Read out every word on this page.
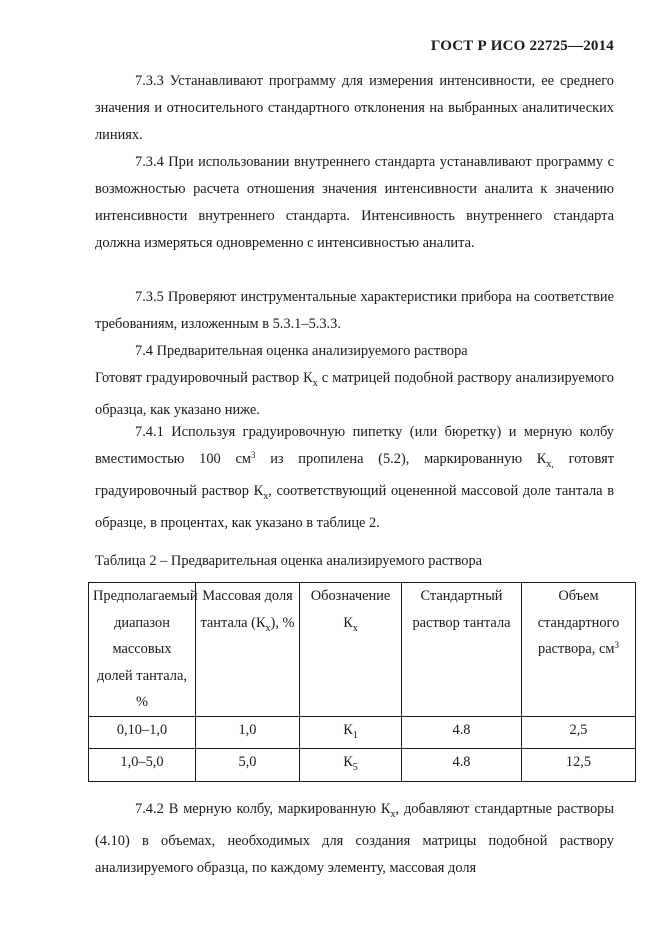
ГОСТ Р ИСО 22725—2014
7.3.3 Устанавливают программу для измерения интенсивности, ее среднего значения и относительного стандартного отклонения на выбранных аналитических линиях.
7.3.4 При использовании внутреннего стандарта устанавливают программу с возможностью расчета отношения значения интенсивности аналита к значению интенсивности внутреннего стандарта. Интенсивность внутреннего стандарта должна измеряться одновременно с интенсивностью аналита.
7.3.5 Проверяют инструментальные характеристики прибора на соответствие требованиям, изложенным в 5.3.1–5.3.3.
7.4 Предварительная оценка анализируемого раствора
Готовят градуировочный раствор $К_x$ с матрицей подобной раствору анализируемого образца, как указано ниже.
7.4.1 Используя градуировочную пипетку (или бюретку) и мерную колбу вместимостью 100 $см^3$ из пропилена (5.2), маркированную $К_{x,}$ готовят градуировочный раствор $К_x$, соответствующий оцененной массовой доле тантала в образце, в процентах, как указано в таблице 2.
Таблица 2 – Предварительная оценка анализируемого раствора
Предполагаемый диапазон массовых долей тантала, %	Массовая доля тантала $(К_x)$, %	Обозначение $К_x$	Стандартный раствор тантала	Объем стандартного раствора, $см^3$
0,10–1,0	1,0	$К_1$	4.8	2,5
1,0–5,0	5,0	$К_5$	4.8	12,5
7.4.2 В мерную колбу, маркированную $К_x$, добавляют стандартные растворы (4.10) в объемах, необходимых для создания матрицы подобной раствору анализируемого образца, по каждому элементу, массовая доля
